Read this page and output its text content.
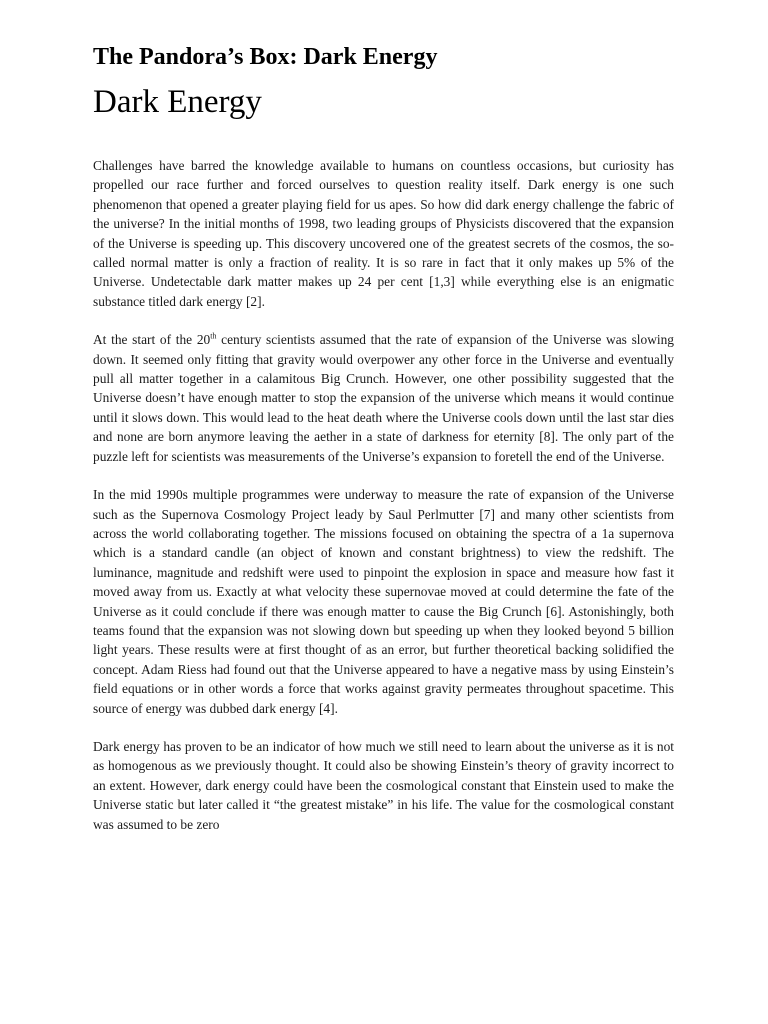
The Pandora’s Box: Dark Energy
Dark Energy

Challenges have barred the knowledge available to humans on countless occasions, but curiosity has propelled our race further and forced ourselves to question reality itself. Dark energy is one such phenomenon that opened a greater playing field for us apes. So how did dark energy challenge the fabric of the universe? In the initial months of 1998, two leading groups of Physicists discovered that the expansion of the Universe is speeding up. This discovery uncovered one of the greatest secrets of the cosmos, the so-called normal matter is only a fraction of reality. It is so rare in fact that it only makes up 5% of the Universe. Undetectable dark matter makes up 24 per cent [1,3] while everything else is an enigmatic substance titled dark energy [2].

At the start of the 20th century scientists assumed that the rate of expansion of the Universe was slowing down. It seemed only fitting that gravity would overpower any other force in the Universe and eventually pull all matter together in a calamitous Big Crunch. However, one other possibility suggested that the Universe doesn’t have enough matter to stop the expansion of the universe which means it would continue until it slows down. This would lead to the heat death where the Universe cools down until the last star dies and none are born anymore leaving the aether in a state of darkness for eternity [8]. The only part of the puzzle left for scientists was measurements of the Universe’s expansion to foretell the end of the Universe.

In the mid 1990s multiple programmes were underway to measure the rate of expansion of the Universe such as the Supernova Cosmology Project leady by Saul Perlmutter [7] and many other scientists from across the world collaborating together. The missions focused on obtaining the spectra of a 1a supernova which is a standard candle (an object of known and constant brightness) to view the redshift. The luminance, magnitude and redshift were used to pinpoint the explosion in space and measure how fast it moved away from us. Exactly at what velocity these supernovae moved at could determine the fate of the Universe as it could conclude if there was enough matter to cause the Big Crunch [6]. Astonishingly, both teams found that the expansion was not slowing down but speeding up when they looked beyond 5 billion light years. These results were at first thought of as an error, but further theoretical backing solidified the concept. Adam Riess had found out that the Universe appeared to have a negative mass by using Einstein’s field equations or in other words a force that works against gravity permeates throughout spacetime. This source of energy was dubbed dark energy [4].

Dark energy has proven to be an indicator of how much we still need to learn about the universe as it is not as homogenous as we previously thought. It could also be showing Einstein’s theory of gravity incorrect to an extent. However, dark energy could have been the cosmological constant that Einstein used to make the Universe static but later called it “the greatest mistake” in his life. The value for the cosmological constant was assumed to be zero
